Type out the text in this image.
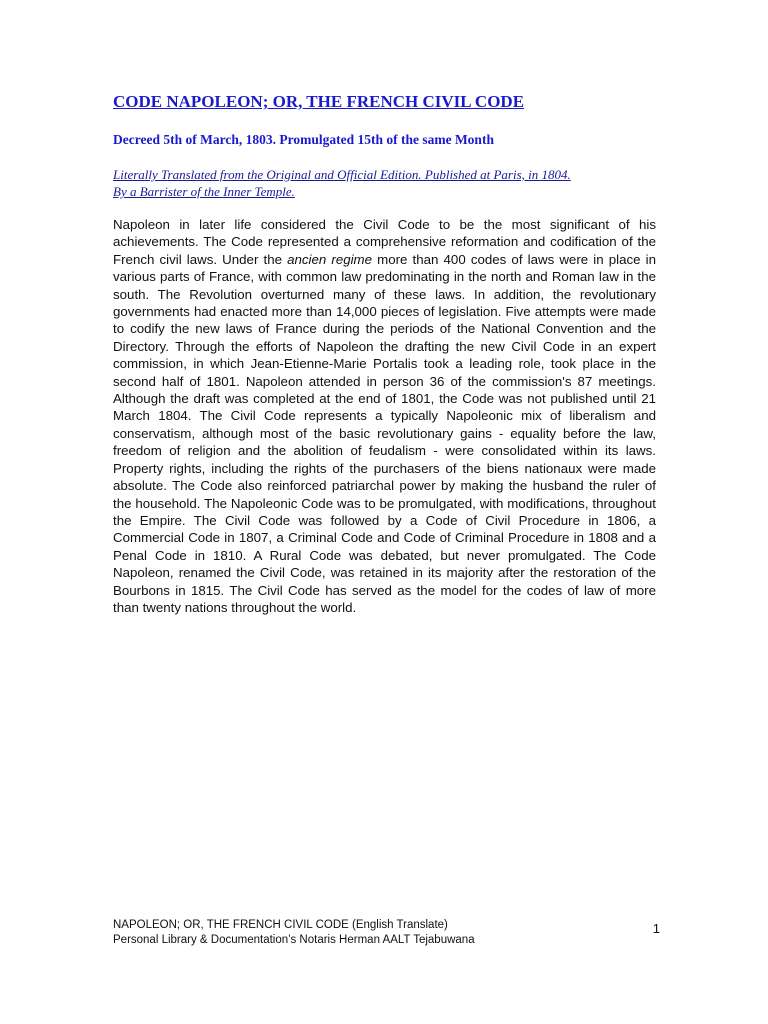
CODE NAPOLEON; OR, THE FRENCH CIVIL CODE

Decreed 5th of March, 1803. Promulgated 15th of the same Month

Literally Translated from the Original and Official Edition. Published at Paris, in 1804.
By a Barrister of the Inner Temple.

Napoleon in later life considered the Civil Code to be the most significant of his achievements. The Code represented a comprehensive reformation and codification of the French civil laws. Under the ancien regime more than 400 codes of laws were in place in various parts of France, with common law predominating in the north and Roman law in the south. The Revolution overturned many of these laws. In addition, the revolutionary governments had enacted more than 14,000 pieces of legislation. Five attempts were made to codify the new laws of France during the periods of the National Convention and the Directory. Through the efforts of Napoleon the drafting the new Civil Code in an expert commission, in which Jean-Etienne-Marie Portalis took a leading role, took place in the second half of 1801. Napoleon attended in person 36 of the commission's 87 meetings. Although the draft was completed at the end of 1801, the Code was not published until 21 March 1804. The Civil Code represents a typically Napoleonic mix of liberalism and conservatism, although most of the basic revolutionary gains - equality before the law, freedom of religion and the abolition of feudalism - were consolidated within its laws. Property rights, including the rights of the purchasers of the biens nationaux were made absolute. The Code also reinforced patriarchal power by making the husband the ruler of the household. The Napoleonic Code was to be promulgated, with modifications, throughout the Empire. The Civil Code was followed by a Code of Civil Procedure in 1806, a Commercial Code in 1807, a Criminal Code and Code of Criminal Procedure in 1808 and a Penal Code in 1810. A Rural Code was debated, but never promulgated. The Code Napoleon, renamed the Civil Code, was retained in its majority after the restoration of the Bourbons in 1815. The Civil Code has served as the model for the codes of law of more than twenty nations throughout the world.

NAPOLEON; OR, THE FRENCH CIVIL CODE (English Translate)
Personal Library & Documentation’s Notaris Herman AALT Tejabuwana
1
